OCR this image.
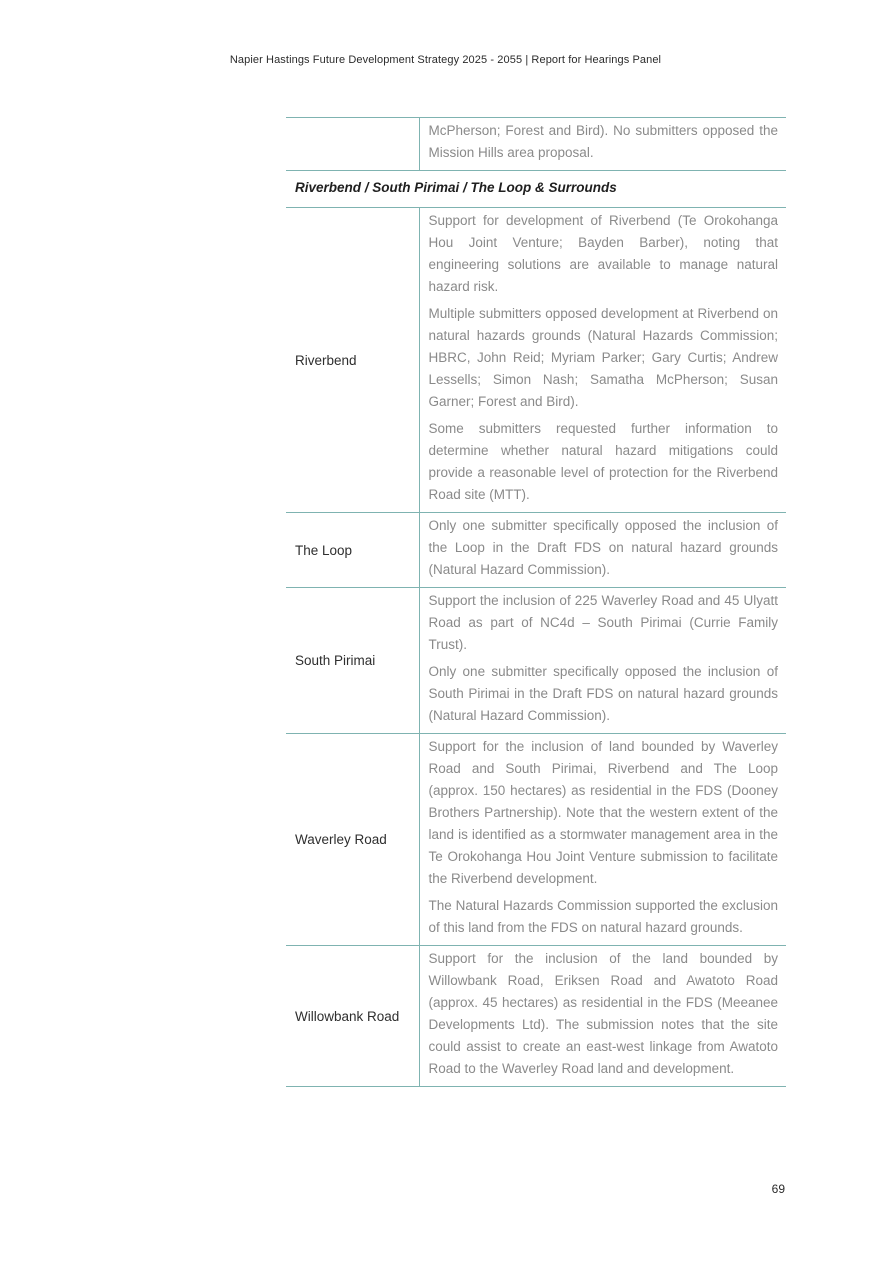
Napier Hastings Future Development Strategy 2025 - 2055 | Report for Hearings Panel

	McPherson; Forest and Bird). No submitters opposed the Mission Hills area proposal.

Riverbend / South Pirimai / The Loop & Surrounds	
Riverbend	Support for development of Riverbend (Te Orokohanga Hou Joint Venture; Bayden Barber), noting that engineering solutions are available to manage natural hazard risk.

Multiple submitters opposed development at Riverbend on natural hazards grounds (Natural Hazards Commission; HBRC, John Reid; Myriam Parker; Gary Curtis; Andrew Lessells; Simon Nash; Samatha McPherson; Susan Garner; Forest and Bird).

Some submitters requested further information to determine whether natural hazard mitigations could provide a reasonable level of protection for the Riverbend Road site (MTT).

The Loop	Only one submitter specifically opposed the inclusion of the Loop in the Draft FDS on natural hazard grounds (Natural Hazard Commission).

South Pirimai	Support the inclusion of 225 Waverley Road and 45 Ulyatt Road as part of NC4d – South Pirimai (Currie Family Trust).

Only one submitter specifically opposed the inclusion of South Pirimai in the Draft FDS on natural hazard grounds (Natural Hazard Commission).

Waverley Road	Support for the inclusion of land bounded by Waverley Road and South Pirimai, Riverbend and The Loop (approx. 150 hectares) as residential in the FDS (Dooney Brothers Partnership). Note that the western extent of the land is identified as a stormwater management area in the Te Orokohanga Hou Joint Venture submission to facilitate the Riverbend development.

The Natural Hazards Commission supported the exclusion of this land from the FDS on natural hazard grounds.

Willowbank Road	Support for the inclusion of the land bounded by Willowbank Road, Eriksen Road and Awatoto Road (approx. 45 hectares) as residential in the FDS (Meeanee Developments Ltd). The submission notes that the site could assist to create an east-west linkage from Awatoto Road to the Waverley Road land and development.

69
